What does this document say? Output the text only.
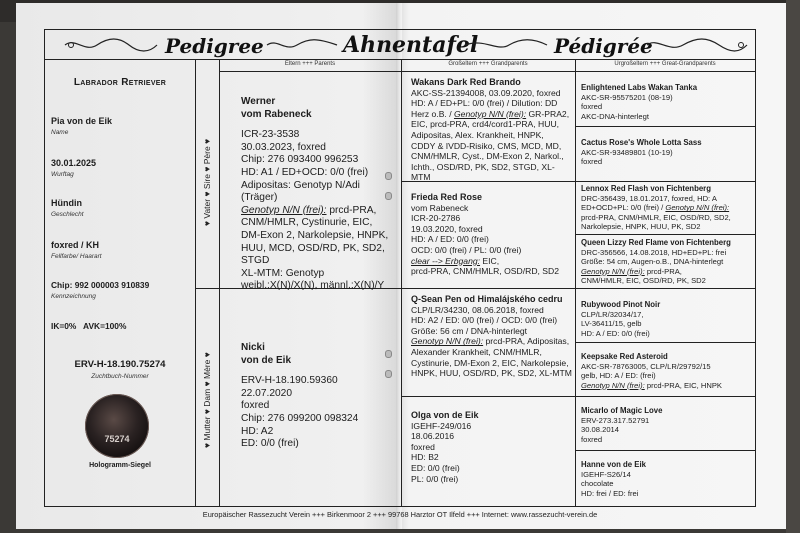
Pedigree	Ahnentafel	Pédigrée
Eltern +++ Parents	Großeltern +++ Grandparents	Urgroßeltern +++ Great-Grandparents
Labrador Retriever
Pia von de Eik
Name
30.01.2025
Wurftag
Hündin
Geschlecht
foxred / KH
Fellfarbe/ Haarart
Chip: 992 000003 910839
Kennzeichnung
IK=0%   AVK=100%
ERV-H-18.190.75274
Zuchtbuch-Nummer
75274
Hologramm-Siegel
♥ Vater ♥ Sire ♥ Père ♥
♥ Mutter ♥ Dam ♥ Mère ♥
Werner
vom Rabeneck
ICR-23-3538
30.03.2023, foxred
Chip: 276 093400 996253
HD: A1 / ED+OCD: 0/0 (frei)
Adipositas: Genotyp N/Adi (Träger)
Genotyp N/N (frei): prcd-PRA,
CNM/HMLR, Cystinurie, EIC,
DM-Exon 2, Narkolepsie, HNPK,
HUU, MCD, OSD/RD, PK, SD2, STGD
XL-MTM: Genotyp
weibl.:X(N)/X(N), männl.:X(N)/Y
Nicki
von de Eik
ERV-H-18.190.59360
22.07.2020
foxred
Chip: 276 099200 098324
HD: A2
ED: 0/0 (frei)
Wakans Dark Red Brando
AKC-SS-21394008, 03.09.2020, foxred
HD: A / ED+PL: 0/0 (frei) / Dilution: DD
Herz o.B. / Genotyp N/N (frei): GR-PRA2,
EIC, prcd-PRA, crd4/cord1-PRA, HUU,
Adipositas, Alex. Krankheit, HNPK,
CDDY & IVDD-Risiko, CMS, MCD, MD,
CNM/HMLR, Cyst., DM-Exon 2, Narkol.,
Ichth., OSD/RD, PK, SD2, STGD, XL-MTM
Frieda Red Rose
vom Rabeneck
ICR-20-2786
19.03.2020, foxred
HD: A / ED: 0/0 (frei)
OCD: 0/0 (frei) / PL: 0/0 (frei)
clear --> Erbgang: EIC,
prcd-PRA, CNM/HMLR, OSD/RD, SD2
Q-Sean Pen od Himalájského cedru
CLP/LR/34230, 08.06.2018, foxred
HD: A2 / ED: 0/0 (frei) / OCD: 0/0 (frei)
Größe: 56 cm / DNA-hinterlegt
Genotyp N/N (frei): prcd-PRA, Adipositas,
Alexander Krankheit, CNM/HMLR,
Cystinurie, DM-Exon 2, EIC, Narkolepsie,
HNPK, HUU, OSD/RD, PK, SD2, XL-MTM
Olga von de Eik
IGEHF-249/016
18.06.2016
foxred
HD: B2
ED: 0/0 (frei)
PL: 0/0 (frei)
Enlightened Labs Wakan Tanka
AKC-SR-95575201 (08-19)
foxred
AKC-DNA-hinterlegt
Cactus Rose's Whole Lotta Sass
AKC-SR-93489801 (10-19)
foxred
Lennox Red Flash von Fichtenberg
DRC-356439, 18.01.2017, foxred, HD: A
ED+OCD+PL: 0/0 (frei) / Genotyp N/N (frei):
prcd-PRA, CNM/HMLR, EIC, OSD/RD, SD2,
Narkolepsie, HNPK, HUU, PK, SD2
Queen Lizzy Red Flame von Fichtenberg
DRC-356566, 14.08.2018, HD+ED+PL: frei
Größe: 54 cm, Augen-o.B., DNA-hinterlegt
Genotyp N/N (frei): prcd-PRA,
CNM/HMLR, EIC, OSD/RD, PK, SD2
Rubywood Pinot Noir
CLP/LR/32034/17,
LV-36411/15, gelb
HD: A / ED: 0/0 (frei)
Keepsake Red Asteroid
AKC-SR-78763005, CLP/LR/29792/15
gelb, HD: A / ED: (frei)
Genotyp N/N (frei): prcd-PRA, EIC, HNPK
Micarlo of Magic Love
ERV-273.317.52791
30.08.2014
foxred
Hanne von de Eik
IGEHF-S26/14
chocolate
HD: frei / ED: frei
Europäischer Rassezucht Verein +++ Birkenmoor 2 +++ 99768 Harztor OT Ilfeld +++ Internet: www.rassezucht-verein.de
